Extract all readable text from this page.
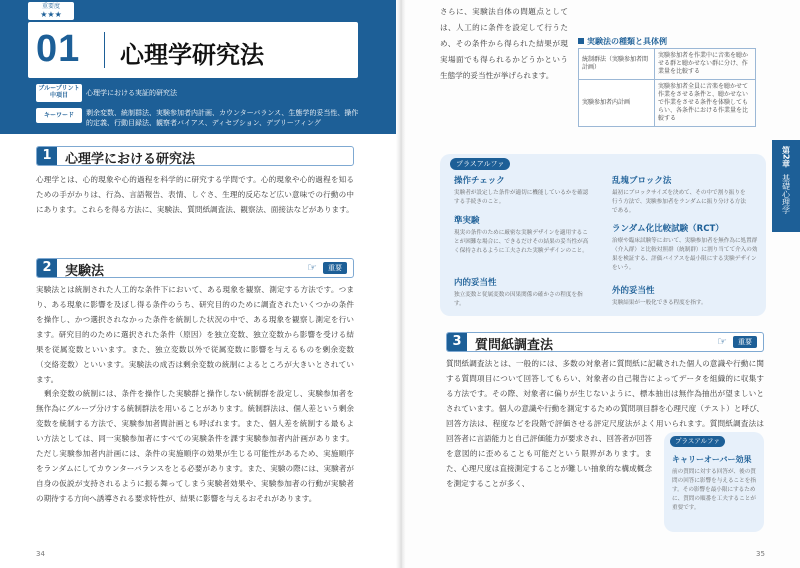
重要度
★★★
01 心理学研究法
ブループリント中項目	心理学における実証的研究法
キーワード	剰余変数、統制群法、実験参加者内計画、カウンターバランス、生態学的妥当性、操作的定義、行動目録法、観察者バイアス、ディセプション、デブリーフィング
1	心理学における研究法
心理学とは、心的現象や心的過程を科学的に研究する学問です。心的現象や心的過程を知るための手がかりは、行為、言語報告、表情、しぐさ、生理的反応など広い意味での行動の中にあります。これらを得る方法に、実験法、質問紙調査法、観察法、面接法などがあります。
2	実験法	☞	重要
実験法とは統制された人工的な条件下において、ある現象を観察、測定する方法です。つまり、ある現象に影響を及ぼし得る条件のうち、研究目的のために調査されたいくつかの条件を操作し、かつ選択されなかった条件を統制した状況の中で、ある現象を観察し測定を行います。研究目的のために選択された条件（原因）を独立変数、独立変数から影響を受ける結果を従属変数といいます。また、独立変数以外で従属変数に影響を与えるものを剰余変数（交絡変数）といいます。実験法の成否は剰余変数の統制によるところが大きいとされています。
剰余変数の統制には、条件を操作した実験群と操作しない統制群を設定し、実験参加者を無作為にグループ分けする統制群法を用いることがあります。統制群法は、個人差という剰余変数を統制する方法で、実験参加者間計画とも呼ばれます。また、個人差を統制する最もよい方法としては、同一実験参加者にすべての実験条件を課す実験参加者内計画があります。ただし実験参加者内計画には、条件の実施順序の効果が生じる可能性があるため、実施順序をランダムにしてカウンターバランスをとる必要があります。また、実験の際には、実験者が自身の仮説が支持されるように振る舞ってしまう実験者効果や、実験参加者の行動が実験者の期待する方向へ誘導される要求特性が、結果に影響を与えるおそれがあります。
34
さらに、実験法自体の問題点としては、人工的に条件を設定して行うため、その条件から得られた結果が現実場面でも得られるかどうかという生態学的妥当性が挙げられます。
実験法の種類と具体例
統制群法（実験参加者間計画）	実験参加者を作業中に音楽を聴かせる群と聴かせない群に分け、作業量を比較する
実験参加者内計画	実験参加者全員に音楽を聴かせて作業をさせる条件と、聴かせないで作業をさせる条件を体験してもらい、各条件における作業量を比較する
プラスアルファ
操作チェック
実験者が設定した条件が適切に機能しているかを確認する手続きのこと。
準実験
現実の条件のために厳密な実験デザインを適用することが困難な場合に、できるだけその結果の妥当性が高く保持されるように工夫された実験デザインのこと。
内的妥当性
独立変数と従属変数の因果関係の確かさの程度を指す。
乱塊ブロック法
最初にブロックサイズを決めて、その中で割り振りを行う方法で、実験参加者をランダムに振り分ける方法である。
ランダム化比較試験（RCT）
治療や臨床試験等において、実験参加者を無作為に処置群（介入群）と比較対照群（統制群）に割り当てて介入の効果を検証する、評価バイアスを最小限にする実験デザインをいう。
外的妥当性
実験結果が一般化できる程度を指す。
第2章
基礎心理学
3	質問紙調査法	☞	重要
質問紙調査法とは、一般的には、多数の対象者に質問紙に記載された個人の意識や行動に関する質問項目について回答してもらい、対象者の自己報告によってデータを組織的に収集する方法です。その際、対象者に偏りが生じないように、標本抽出は無作為抽出が望ましいとされています。個人の意識や行動を測定するための質問項目群を心理尺度（テスト）と呼び、回答方法は、程度などを段階で評価させる評定尺度法がよく用いられます。質問紙調査法は回答者に言語能力と自己評価能力が要求され、回答者が回答を意図的に歪めることも可能だという限界があります。また、心理尺度は直接測定することが難しい抽象的な構成概念を測定することが多く、
プラスアルファ
キャリーオーバー効果
前の質問に対する回答が、後の質問の回答に影響を与えることを指す。その影響を最小限にするために、質問の順番を工夫することが重要です。
35
